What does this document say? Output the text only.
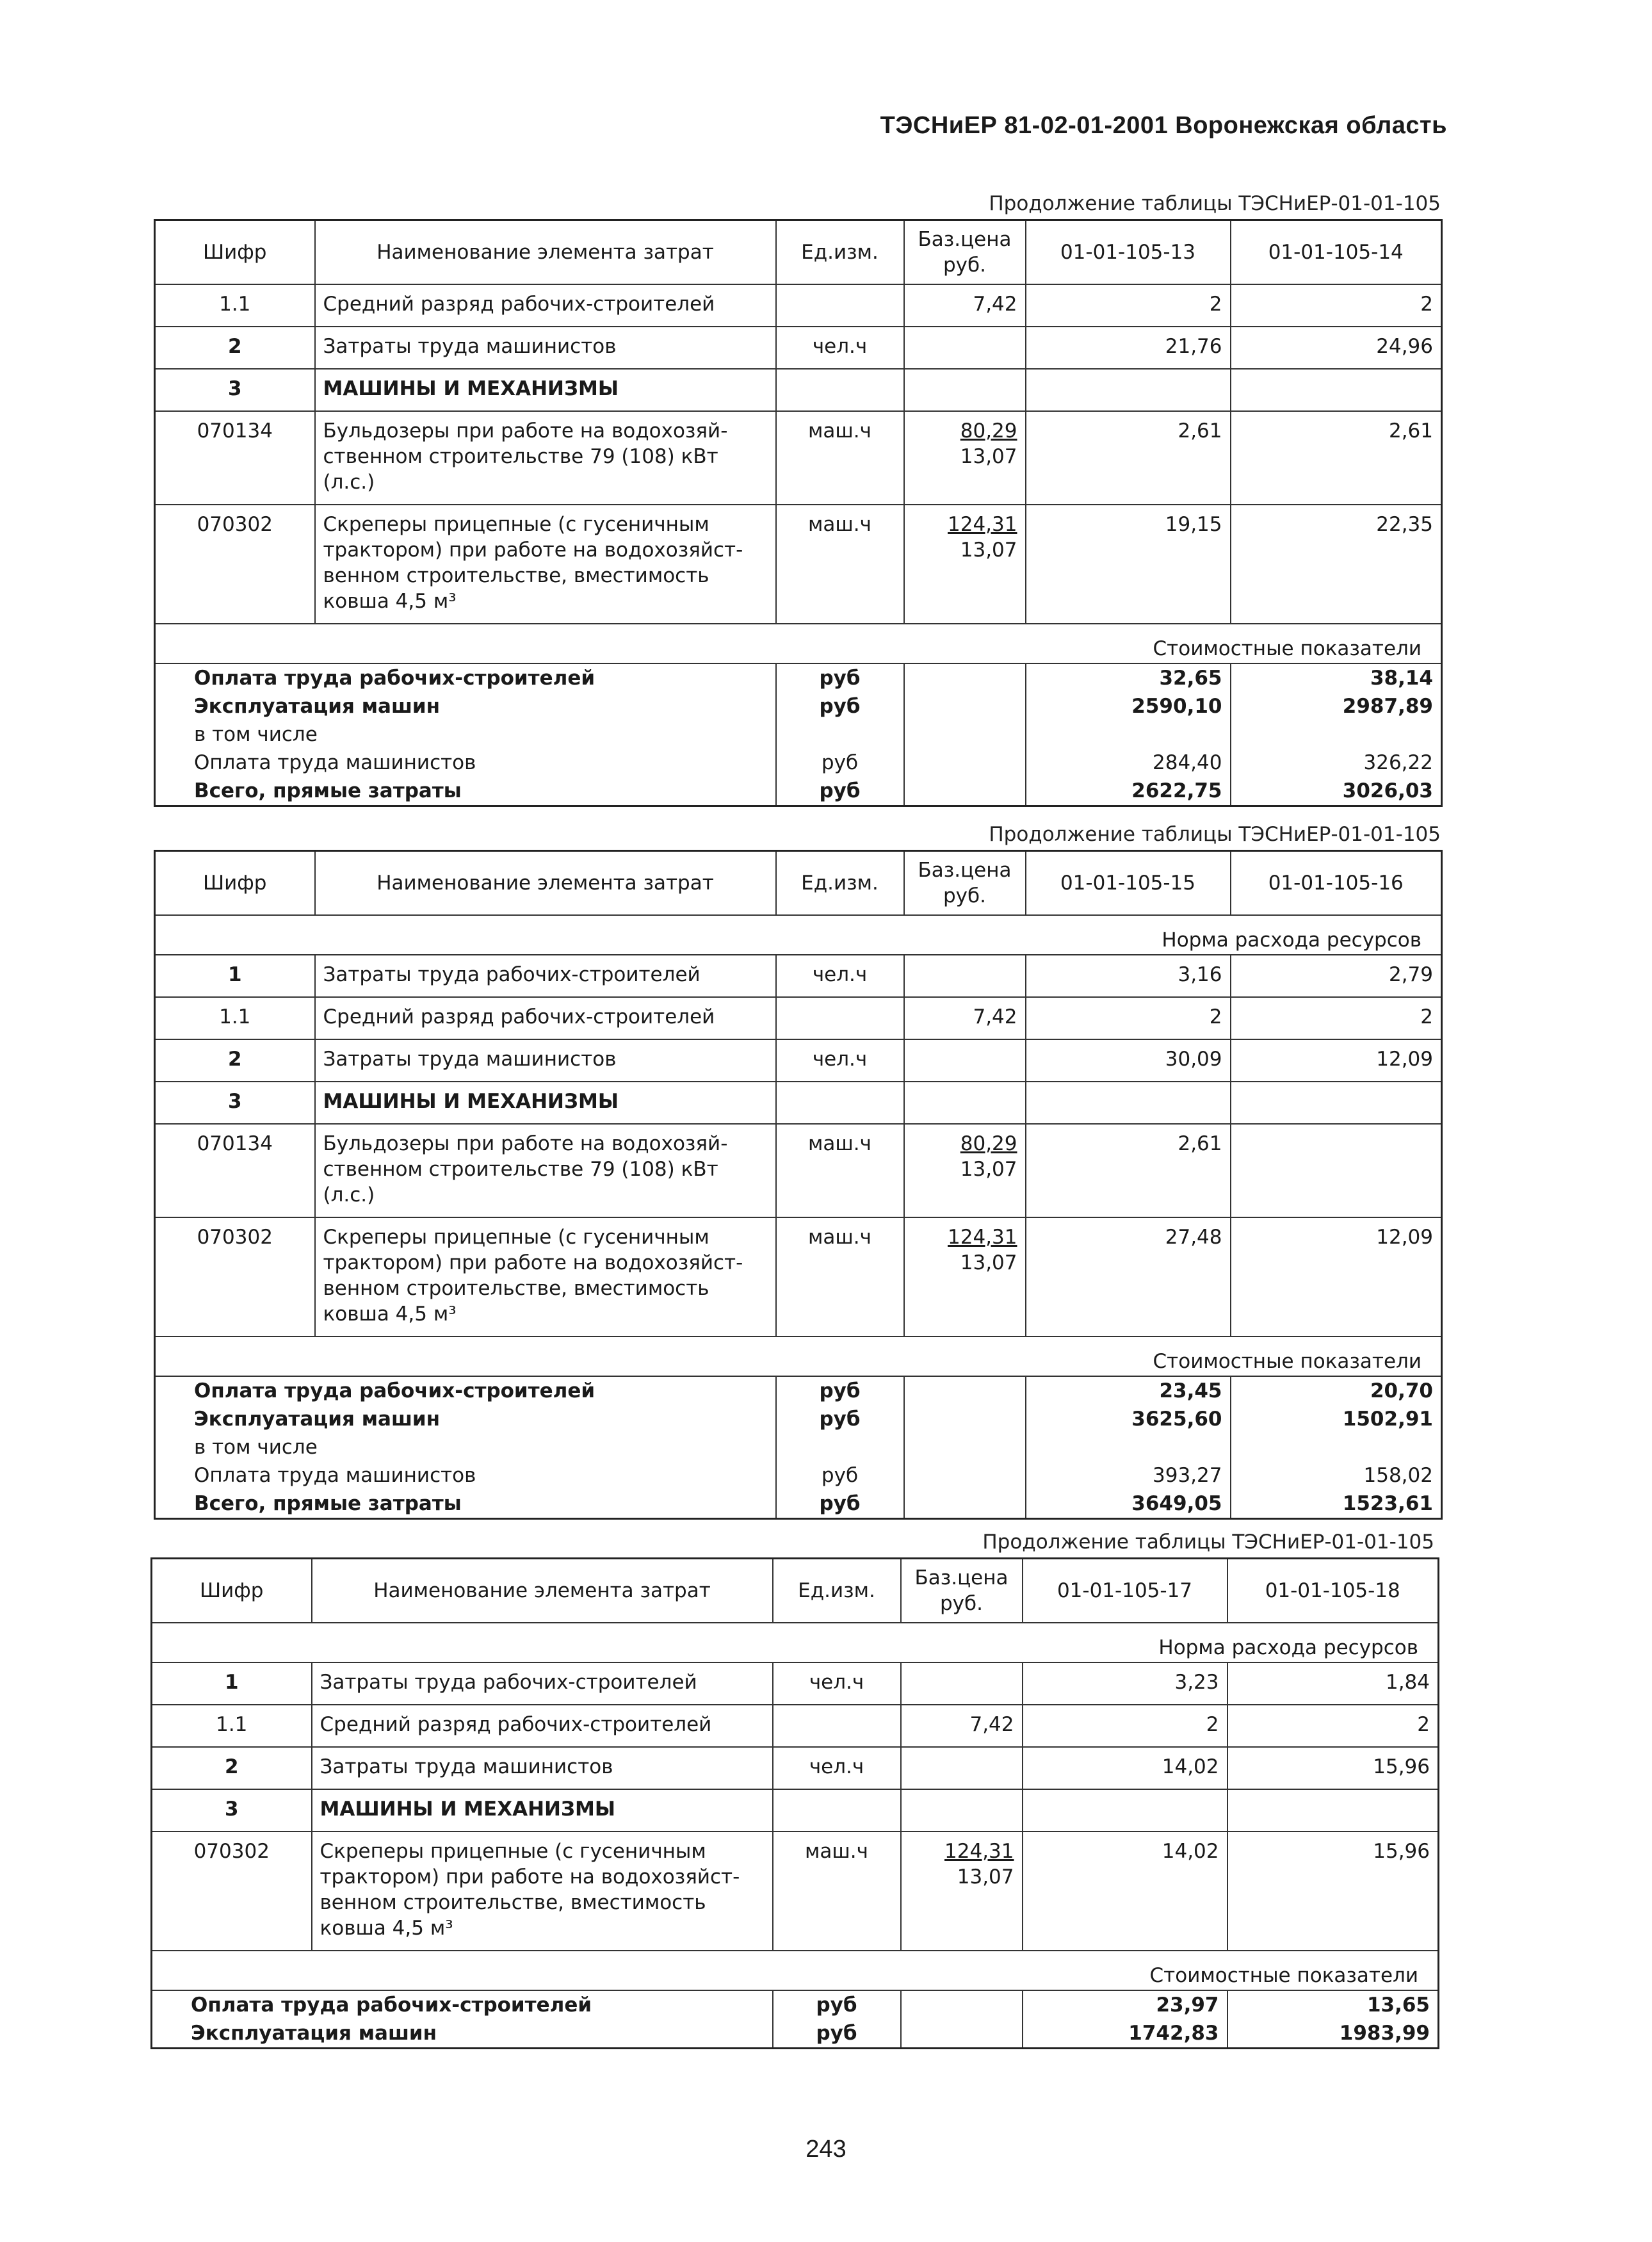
ТЭСНиЕР 81-02-01-2001 Воронежская область
Продолжение таблицы ТЭСНиЕР-01-01-105
Шифр	Наименование элемента затрат	Ед.изм.	Баз.цена руб.	01-01-105-13	01-01-105-14
1.1	Средний разряд рабочих-строителей		7,42	2	2
2	Затраты труда машинистов	чел.ч		21,76	24,96
3	МАШИНЫ И МЕХАНИЗМЫ		

070134	Бульдозеры при работе на водохозяй-ственном строительстве 79 (108) кВт (л.с.)	маш.ч	80,29
13,07	2,61	2,61
070302	Скреперы прицепные (с гусеничным трактором) при работе на водохозяйст-венном строительстве, вместимость ковша 4,5 м³	маш.ч	124,31
13,07	19,15	22,35
Стоимостные показатели					
Оплата труда рабочих-строителей		руб		32,65	38,14
Эксплуатация машин		руб		2590,10	2987,89
в том числе					
Оплата труда машинистов		руб		284,40	326,22
Всего, прямые затраты		руб		2622,75	3026,03
Продолжение таблицы ТЭСНиЕР-01-01-105
Шифр	Наименование элемента затрат	Ед.изм.	Баз.цена руб.	01-01-105-15	01-01-105-16
Норма расхода ресурсов					
1	Затраты труда рабочих-строителей	чел.ч		3,16	2,79
1.1	Средний разряд рабочих-строителей		7,42	2	2
2	Затраты труда машинистов	чел.ч		30,09	12,09
3	МАШИНЫ И МЕХАНИЗМЫ		

070134	Бульдозеры при работе на водохозяй-ственном строительстве 79 (108) кВт (л.с.)	маш.ч	80,29
13,07	2,61	
070302	Скреперы прицепные (с гусеничным трактором) при работе на водохозяйст-венном строительстве, вместимость ковша 4,5 м³	маш.ч	124,31
13,07	27,48	12,09
Стоимостные показатели					
Оплата труда рабочих-строителей		руб		23,45	20,70
Эксплуатация машин		руб		3625,60	1502,91
в том числе					
Оплата труда машинистов		руб		393,27	158,02
Всего, прямые затраты		руб		3649,05	1523,61
Продолжение таблицы ТЭСНиЕР-01-01-105
Шифр	Наименование элемента затрат	Ед.изм.	Баз.цена руб.	01-01-105-17	01-01-105-18
Норма расхода ресурсов					
1	Затраты труда рабочих-строителей	чел.ч		3,23	1,84
1.1	Средний разряд рабочих-строителей		7,42	2	2
2	Затраты труда машинистов	чел.ч		14,02	15,96
3	МАШИНЫ И МЕХАНИЗМЫ		

070302	Скреперы прицепные (с гусеничным трактором) при работе на водохозяйст-венном строительстве, вместимость ковша 4,5 м³	маш.ч	124,31
13,07	14,02	15,96
Стоимостные показатели					
Оплата труда рабочих-строителей		руб		23,97	13,65
Эксплуатация машин		руб		1742,83	1983,99
243
